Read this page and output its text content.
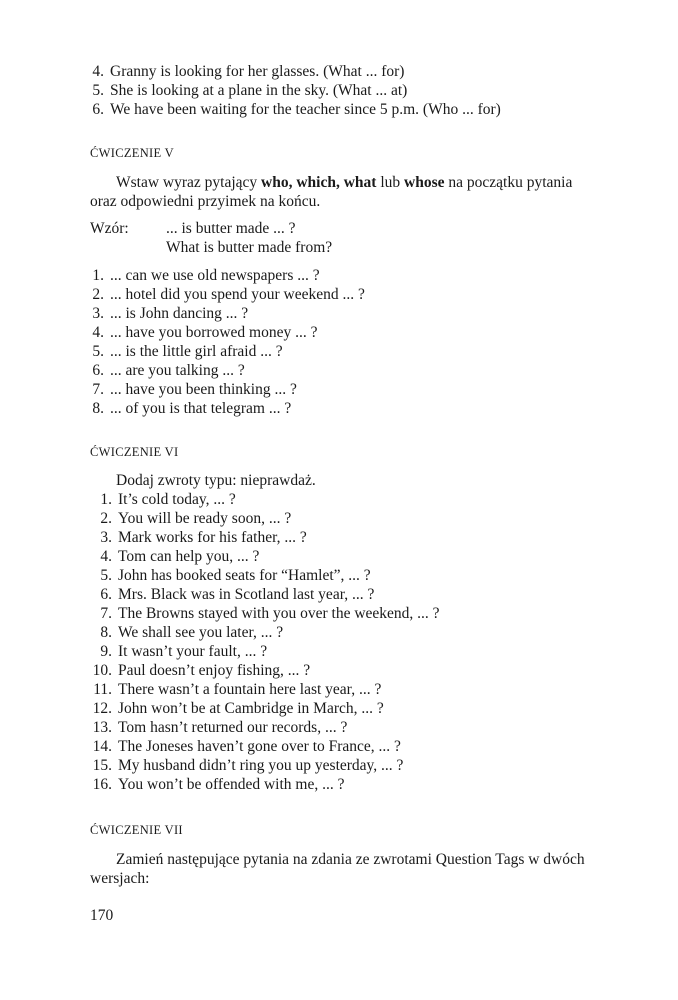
4. Granny is looking for her glasses. (What ... for)
5. She is looking at a plane in the sky. (What ... at)
6. We have been waiting for the teacher since 5 p.m. (Who ... for)
ĆWICZENIE V
Wstaw wyraz pytający who, which, what lub whose na początku pytania
oraz odpowiedni przyimek na końcu.
Wzór: ... is butter made ... ?
What is butter made from?
1. ... can we use old newspapers ... ?
2. ... hotel did you spend your weekend ... ?
3. ... is John dancing ... ?
4. ... have you borrowed money ... ?
5. ... is the little girl afraid ... ?
6. ... are you talking ... ?
7. ... have you been thinking ... ?
8. ... of you is that telegram ... ?
ĆWICZENIE VI
Dodaj zwroty typu: nieprawdaż.
1. It’s cold today, ... ?
2. You will be ready soon, ... ?
3. Mark works for his father, ... ?
4. Tom can help you, ... ?
5. John has booked seats for “Hamlet”, ... ?
6. Mrs. Black was in Scotland last year, ... ?
7. The Browns stayed with you over the weekend, ... ?
8. We shall see you later, ... ?
9. It wasn’t your fault, ... ?
10. Paul doesn’t enjoy fishing, ... ?
11. There wasn’t a fountain here last year, ... ?
12. John won’t be at Cambridge in March, ... ?
13. Tom hasn’t returned our records, ... ?
14. The Joneses haven’t gone over to France, ... ?
15. My husband didn’t ring you up yesterday, ... ?
16. You won’t be offended with me, ... ?
ĆWICZENIE VII
Zamień następujące pytania na zdania ze zwrotami Question Tags w dwóch
wersjach:
170
